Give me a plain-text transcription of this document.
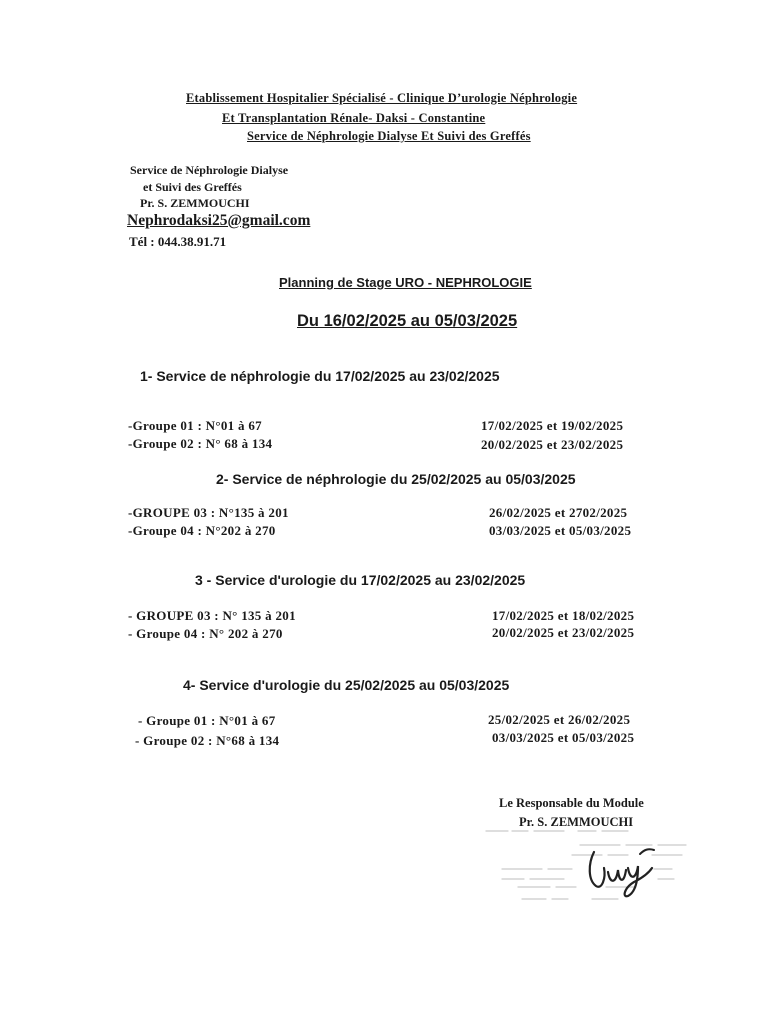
Etablissement Hospitalier Spécialisé - Clinique D’urologie Néphrologie
Et Transplantation Rénale- Daksi - Constantine
Service de Néphrologie Dialyse Et Suivi des Greffés
Service de Néphrologie Dialyse
et Suivi des Greffés
Pr. S. ZEMMOUCHI
Nephrodaksi25@gmail.com
Tél : 044.38.91.71
Planning de Stage URO - NEPHROLOGIE
Du 16/02/2025 au 05/03/2025
1- Service de néphrologie du 17/02/2025 au 23/02/2025
-Groupe 01 : N°01 à 67	17/02/2025 et 19/02/2025
-Groupe 02 : N° 68 à 134	20/02/2025 et 23/02/2025
2- Service de néphrologie du 25/02/2025 au 05/03/2025
-GROUPE 03 : N°135 à 201	26/02/2025 et 2702/2025
-Groupe 04 : N°202 à 270	03/03/2025 et 05/03/2025
3 - Service d'urologie du 17/02/2025 au 23/02/2025
- GROUPE 03 : N° 135 à 201	17/02/2025 et 18/02/2025
- Groupe 04 : N° 202 à 270	20/02/2025 et 23/02/2025
4- Service d'urologie du 25/02/2025 au 05/03/2025
- Groupe 01 : N°01 à 67	25/02/2025 et 26/02/2025
- Groupe 02 : N°68 à 134	03/03/2025 et 05/03/2025
Le Responsable du Module
Pr. S. ZEMMOUCHI
